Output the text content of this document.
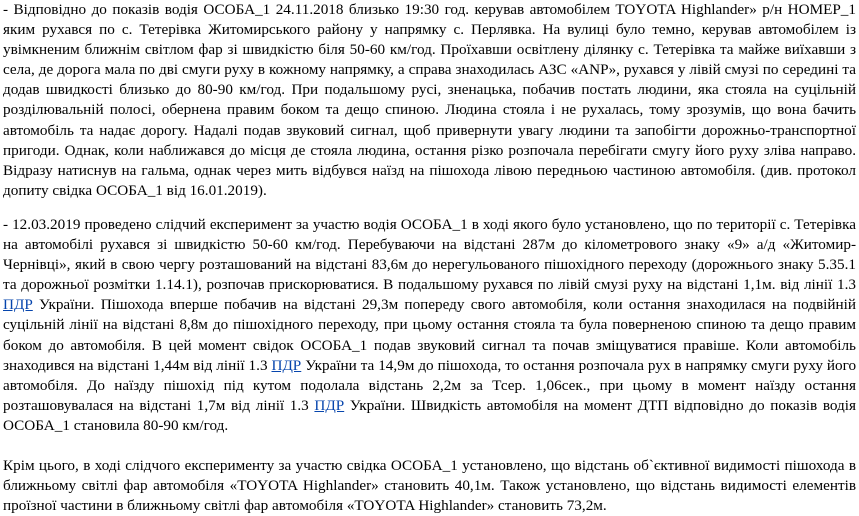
- Відповідно до показів водія ОСОБА_1 24.11.2018 близько 19:30 год. керував автомобілем TOYOTA Highlander» р/н НОМЕР_1 яким рухався по с. Тетерівка Житомирського району у напрямку с. Перлявка. На вулиці було темно, керував автомобілем із увімкненим ближнім світлом фар зі швидкістю біля 50-60 км/год. Проїхавши освітлену ділянку с. Тетерівка та майже виїхавши з села, де дорога мала по дві смуги руху в кожному напрямку, а справа знаходилась АЗС «ANP», рухався у лівій смузі по середині та додав швидкості близько до 80-90 км/год. При подальшому русі, зненацька, побачив постать людини, яка стояла на суцільній розділювальній полосі, обернена правим боком та дещо спиною. Людина стояла і не рухалась, тому зрозумів, що вона бачить автомобіль та надає дорогу. Надалі подав звуковий сигнал, щоб привернути увагу людини та запобігти дорожньо-транспортної пригоди. Однак, коли наближався до місця де стояла людина, остання різко розпочала перебігати смугу його руху зліва направо. Відразу натиснув на гальма, однак через мить відбувся наїзд на пішохода лівою передньою частиною автомобіля. (див. протокол допиту свідка ОСОБА_1 від 16.01.2019).

- 12.03.2019 проведено слідчий експеримент за участю водія ОСОБА_1 в ході якого було установлено, що по території с. Тетерівка на автомобілі рухався зі швидкістю 50-60 км/год. Перебуваючи на відстані 287м до кілометрового знаку «9» а/д «Житомир-Чернівці», який в свою чергу розташований на відстані 83,6м до нерегульованого пішохідного переходу (дорожнього знаку 5.35.1 та дорожньої розмітки 1.14.1), розпочав прискорюватися. В подальшому рухався по лівій смузі руху на відстані 1,1м. від лінії 1.3 ПДР України. Пішохода вперше побачив на відстані 29,3м попереду свого автомобіля, коли остання знаходилася на подвійній суцільній лінії на відстані 8,8м до пішохідного переходу, при цьому остання стояла та була поверненою спиною та дещо правим боком до автомобіля. В цей момент свідок ОСОБА_1 подав звуковий сигнал та почав зміщуватися правіше. Коли автомобіль знаходився на відстані 1,44м від лінії 1.3 ПДР України та 14,9м до пішохода, то остання розпочала рух в напрямку смуги руху його автомобіля. До наїзду пішохід під кутом подолала відстань 2,2м за Тсер. 1,06сек., при цьому в момент наїзду остання розташовувалася на відстані 1,7м від лінії 1.3 ПДР України. Швидкість автомобіля на момент ДТП відповідно до показів водія ОСОБА_1 становила 80-90 км/год.

Крім цього, в ході слідчого експерименту за участю свідка ОСОБА_1 установлено, що відстань об`єктивної видимості пішохода в ближньому світлі фар автомобіля «TOYOTA Highlander» становить 40,1м. Також установлено, що відстань видимості елементів проїзної частини в ближньому світлі фар автомобіля «TOYOTA Highlander» становить 73,2м.
